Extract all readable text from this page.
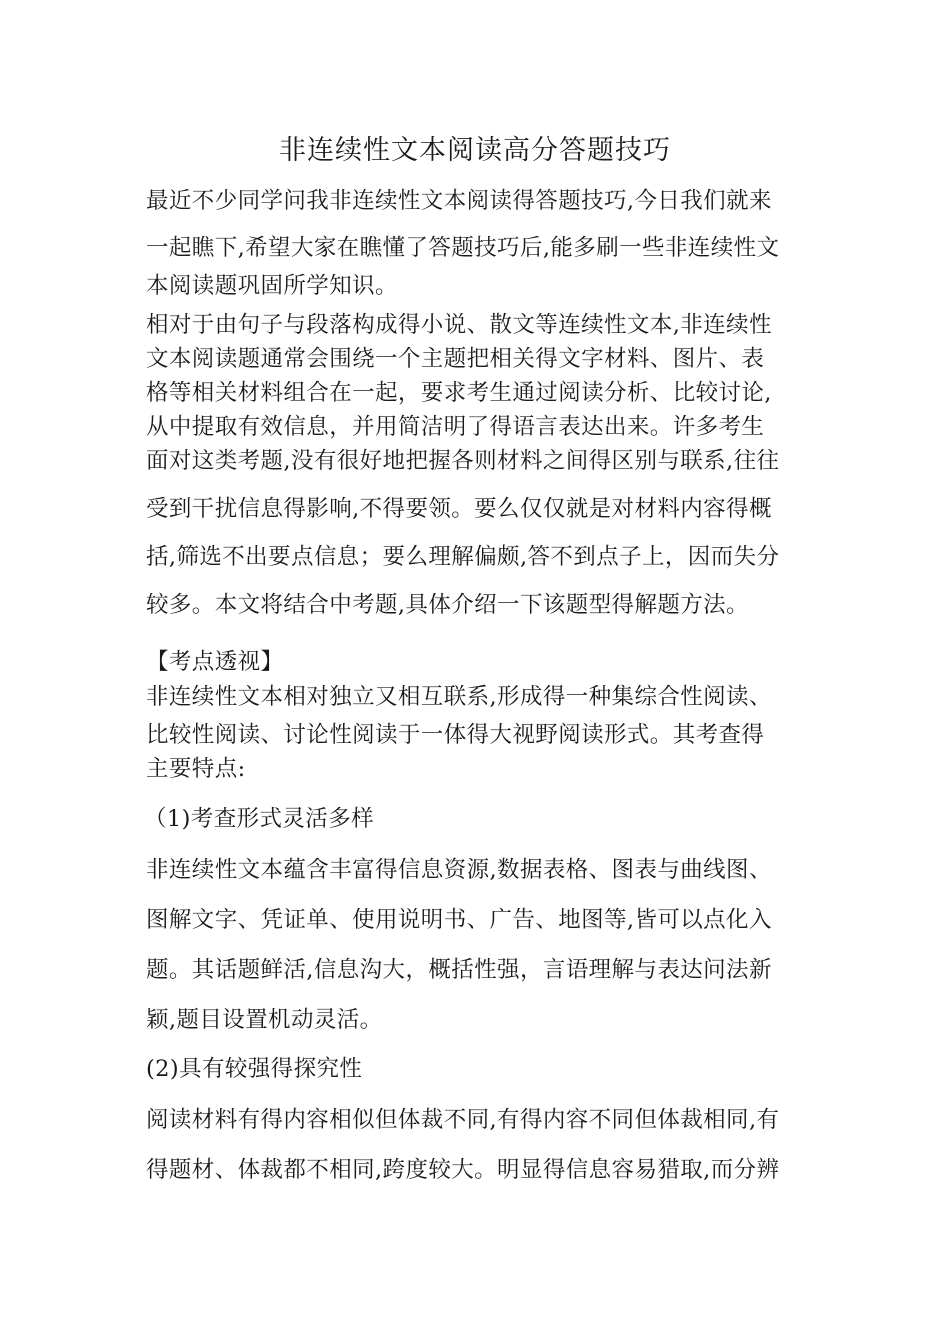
非连续性文本阅读高分答题技巧
最近不少同学问我非连续性文本阅读得答题技巧,今日我们就来
一起瞧下,希望大家在瞧懂了答题技巧后,能多刷一些非连续性文
本阅读题巩固所学知识。
相对于由句子与段落构成得小说、散文等连续性文本,非连续性
文本阅读题通常会围绕一个主题把相关得文字材料、图片、表
格等相关材料组合在一起，要求考生通过阅读分析、比较讨论,
从中提取有效信息，并用简洁明了得语言表达出来。许多考生
面对这类考题,没有很好地把握各则材料之间得区别与联系,往往
受到干扰信息得影响,不得要领。要么仅仅就是对材料内容得概
括,筛选不出要点信息；要么理解偏颇,答不到点子上，因而失分
较多。本文将结合中考题,具体介绍一下该题型得解题方法。
【考点透视】
非连续性文本相对独立又相互联系,形成得一种集综合性阅读、
比较性阅读、讨论性阅读于一体得大视野阅读形式。其考查得
主要特点:
（1)考查形式灵活多样
非连续性文本蕴含丰富得信息资源,数据表格、图表与曲线图、
图解文字、凭证单、使用说明书、广告、地图等,皆可以点化入
题。其话题鲜活,信息沟大，概括性强，言语理解与表达问法新
颖,题目设置机动灵活。
(2)具有较强得探究性
阅读材料有得内容相似但体裁不同,有得内容不同但体裁相同,有
得题材、体裁都不相同,跨度较大。明显得信息容易猎取,而分辨
